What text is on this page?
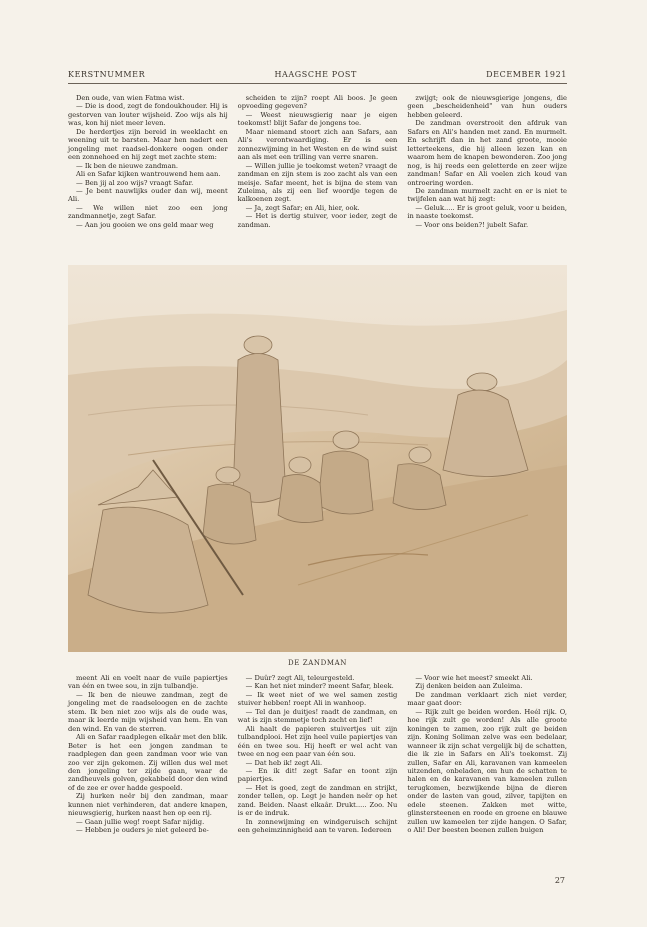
KERSTNUMMER	HAAGSCHE POST	DECEMBER 1921

Den oude, van wien Fatma wist.

— Die is dood, zegt de fondoukhouder. Hij is gestorven van louter wijsheid. Zoo wijs als hij was, kon hij niet meer leven.

De herdertjes zijn bereid in weeklacht en weening uit te barsten. Maar hen nadert een jongeling met raadsel-donkere oogen onder een zonnehoed en hij zegt met zachte stem:

— Ik ben de nieuwe zandman.

Ali en Safar kijken wantrouwend hem aan.

— Ben jij al zoo wijs? vraagt Safar.

— Je bent nauwlijks ouder dan wij, meent Ali.

— We willen niet zoo een jong zandmannetje, zegt Safar.

— Aan jou gooien we ons geld maar weg

scheiden te zijn? roept Ali boos. Je geen opvoeding gegeven?

— Weest nieuwsgierig naar je eigen toekomst! blijt Safar de jongens toe.

Maar niemand stoort zich aan Safars, aan Ali's verontwaardiging. Er is een zonnezwijming in het Westen en de wind suist aan als met een trilling van verre snaren.

— Willen jullie je toekomst weten? vraagt de zandman en zijn stem is zoo zacht als van een meisje. Safar meent, het is bijna de stem van Zuleima, als zij een lief woordje tegen de kalkoenen zegt.

— Ja, zegt Safar; en Ali, hier, ook.

— Het is dertig stuiver, voor ieder, zegt de zandman.

zwijgt; ook de nieuwsgierige jongens, die geen „bescheidenheid" van hun ouders hebben geleerd.

De zandman overstrooit den afdruk van Safars en Ali's handen met zand. En murmelt. En schrijft dan in het zand groote, mooie letterteekens, die hij alleen lezen kan en waarom hem de knapen bewonderen. Zoo jong nog, is hij reeds een geletterde en zeer wijze zandman! Safar en Ali voelen zich koud van ontroering worden.

De zandman murmelt zacht en er is niet te twijfelen aan wat hij zegt:

— Geluk..... Er is groot geluk, voor u beiden, in naaste toekomst.

— Voor ons beiden?! jubelt Safar.

DE ZANDMAN

meent Ali en voelt naar de vuile papiertjes van één en twee sou, in zijn tulbandje.

— Ik ben de nieuwe zandman, zegt de jongeling met de raadseloogen en de zachte stem. Ik ben niet zoo wijs als de oude was, maar ik leerde mijn wijsheid van hem. En van den wind. En van de sterren.

Ali en Safar raadplegen elkaâr met den blik. Beter is het een jongen zandman te raadplegen dan geen zandman voor wie van zoo ver zijn gekomen. Zij willen dus wel met den jongeling ter zijde gaan, waar de zandheuvels golven, gekabbeld door den wind of de zee er over hadde gespoeld.

Zij hurken neêr bij den zandman, maar kunnen niet verhinderen, dat andere knapen, nieuwsgierig, hurken naast hen op een rij.

— Gaan jullie weg! roept Safar nijdig.

— Hebben je ouders je niet geleerd be-

— Duûr? zegt Ali, teleurgesteld.

— Kan het niet minder? meent Safar, bleek.

— Ik weet niet of we wel samen zestig stuiver hebben! roept Ali in wanhoop.

— Tel dan je duitjes! raadt de zandman, en wat is zijn stemmetje toch zacht en lief!

Ali haalt de papieren stuivertjes uit zijn tulbandplooi. Het zijn heel vuile papiertjes van één en twee sou. Hij heeft er wel acht van twee en nog een paar van één sou.

— Dat heb ik! zegt Ali.

— En ik dit! zegt Safar en toont zijn papiertjes.

— Het is goed, zegt de zandman en strijkt, zonder tellen, op. Legt je handen neêr op het zand. Beiden. Naast elkaâr. Drukt..... Zoo. Nu is er de indruk.

In zonnewijming en windgeruisch schijnt een geheimzinnigheid aan te varen. Iedereen

— Voor wie het meest? smeekt Ali.

Zij denken beiden aan Zuleima.

De zandman verklaart zich niet verder, maar gaat door:

— Rijk zult ge beiden worden. Heél rijk. O, hoe rijk zult ge worden! Als alle groote koningen te zamen, zoo rijk zult ge beiden zijn. Koning Soliman zelve was een bedelaar, wanneer ik zijn schat vergelijk bij de schatten, die ik zie in Safars en Ali's toekomst. Zij zullen, Safar en Ali, karavanen van kameelen uitzenden, onbeladen, om hun de schatten te halen en de karavanen van kameelen zullen terugkomen, bezwijkende bijna de dieren onder de lasten van goud, zilver, tapijten en edele steenen. Zakken met witte, glinstersteenen en roode en groene en blauwe zullen uw kameelen ter zijde hangen. O Safar, o Ali! Der beesten beenen zullen buigen

27
